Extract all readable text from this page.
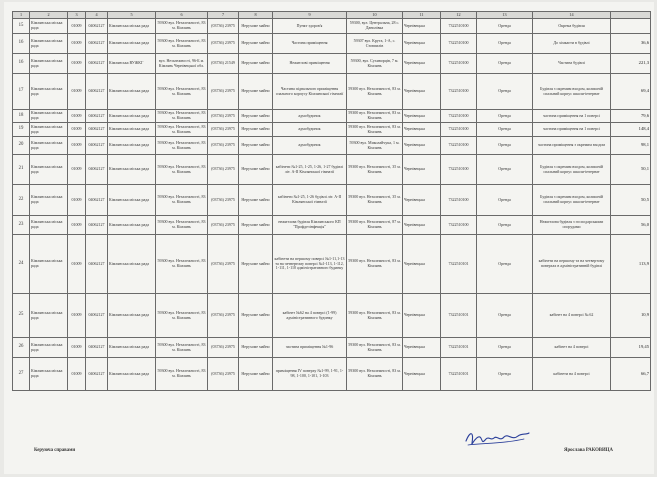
1	2	3	4	5	6	7	8	9	10	11	12	13	14	
15	Кімлянська міська рада	01009	04062127	Кімлянська міська рада	59300 вул. Незалежності, 83 м. Кімлянь	(03736) 23975	Нерухоме майно	Пункт здоров'я	59300, вул. Центральна, 28 с. Данилівка	Чернівецька	7322510100	Оренда	Окрема будівля	
16	Кімлянська міська рада	01009	04062127	Кімлянська міська рада	59300 вул. Незалежності, 83 м. Кімлянь	(03736) 23975	Нерухоме майно	Частина приміщення	59307 вул. Крута, 1-А, с. Стовпилів	Чернівецька	7322510100	Оренда	До хімкаєти в будівлі	36,6
16	Кімлянська міська рада	01009	04062127	Кімлянська ВУЖКГ	вул. Незалежності, 96-Б м. Кімлянь Чернівецької обл.	(03736) 21549	Нерухоме майно	Нежитлові приміщення	59300, вул. Сухиворців, 7 м. Кімлянь	Чернівецька	7322510100	Оренда	Частина будівлі	221,3
17	Кімлянська міська рада	01009	04062127	Кімлянська міська рада	59300 вул. Незалежності, 83 м. Кімлянь	(03736) 23975	Нерухоме майно	Частина підвального приміщення спального корпусу Кімлянської гімназії	59300 вул. Незалежності, 83 м. Кімлянь	Чернівецька	7322510100	Оренда	Будівля з окремим входом, колишній спальний корпус школи-інтернат	69,4
18	Кімлянська міська рада	01009	04062127	Кімлянська міська рада	59300 вул. Незалежності, 83 м. Кімлянь	(03736) 23975	Нерухоме майно	адмобудинок	59300 вул. Незалежності, 83 м. Кімлянь	Чернівецька	7322510100	Оренда	частина приміщення на 1 поверсі	79,6
19	Кімлянська міська рада	01009	04062127	Кімлянська міська рада	59300 вул. Незалежності, 83 м. Кімлянь	(03736) 23975	Нерухоме майно	адмобудинок	59300 вул. Незалежності, 83 м. Кімлянь	Чернівецька	7322510100	Оренда	частина приміщення на 1 поверсі	148,4
20	Кімлянська міська рада	01009	04062127	Кімлянська міська рада	59300 вул. Незалежності, 83 м. Кімлянь	(03736) 23975	Нерухоме майно	адмобудинок	59300 вул. Миколайчука, 1 м. Кімлянь	Чернівецька	7322510100	Оренда	частина приміщення з окремим входом	98,1
21	Кімлянська міська рада	01009	04062127	Кімлянська міська рада	59300 вул. Незалежності, 83 м. Кімлянь	(03736) 23975	Нерухоме майно	кабінети №1-25, 1-25, 1-26, 1-27 будівлі літ. А-ІІ Кімлянської гімназії	59300 вул. Незалежності, 35 м. Кімлянь	Чернівецька	7322510100	Оренда	Будівля з окремим входом, колишній спальний корпус школи-інтернат	50,1
22	Кімлянська міська рада	01009	04062127	Кімлянська міська рада	59300 вул. Незалежності, 83 м. Кімлянь	(03736) 23975	Нерухоме майно	кабінети №1-25, 1-26 будівлі літ. А-ІІ Кімлянської гімназії	59300 вул. Незалежності, 35 м. Кімлянь	Чернівецька	7322510100	Оренда	Будівля з окремим входом, колишній спальний корпус школи-інтернат	50,5
23	Кімлянська міська рада	01009	04062127	Кімлянська міська рада	59300 вул. Незалежності, 83 м. Кімлянь	(03736) 23975	Нерухоме майно	нежитлова будівля Кімлянського КП "Профдезінфекція"	59300 вул. Незалежності, 87 м. Кімлянь	Чернівецька	7322510100	Оренда	Нежитлова будівля з господарськими спорудами	56,0
24	Кімлянська міська рада	01009	04062127	Кімлянська міська рада	59300 вул. Незалежності, 83 м. Кімлянь	(03736) 23975	Нерухоме майно	кабінети на першому поверсі №1-11,1-13 та на четвертому поверсі №1-113, 1-112, 1-111, 1-110 адміністративного будинку	59300 вул. Незалежності, 83 м. Кімлянь	Чернівецька	7322510101	Оренда	кабінети на першому та на четвертому поверхах в адміністративній будівлі	113,9
25	Кімлянська міська рада	01009	04062127	Кімлянська міська рада	59300 вул. Незалежності, 83 м. Кімлянь	(03736) 23975	Нерухоме майно	кабінет №62 на 4 поверсі (1-99) адміністративного будинку	59300 вул. Незалежності, 83 м. Кімлянь	Чернівецька	7322510101	Оренда	кабінет на 4 поверсі № 62	10,9
26	Кімлянська міська рада	01009	04062127	Кімлянська міська рада	59300 вул. Незалежності, 83 м. Кімлянь	(03736) 23975	Нерухоме майно	частина приміщення №1-96	59300 вул. Незалежності, 83 м. Кімлянь	Чернівецька	7322510101	Оренда	кабінет на 4 поверсі	19,45
27	Кімлянська міська рада	01009	04062127	Кімлянська міська рада	59300 вул. Незалежності, 83 м. Кімлянь	(03736) 23975	Нерухоме майно	приміщення IV поверху №1-99, 1-91, 1-98, 1-100, 1-101, 1-103	59300 вул. Незалежності, 83 м. Кімлянь	Чернівецька	7322510101	Оренда	кабінети на 4 поверсі	66,7
Керуюча справами	Ярослава РАКОВИЦА
